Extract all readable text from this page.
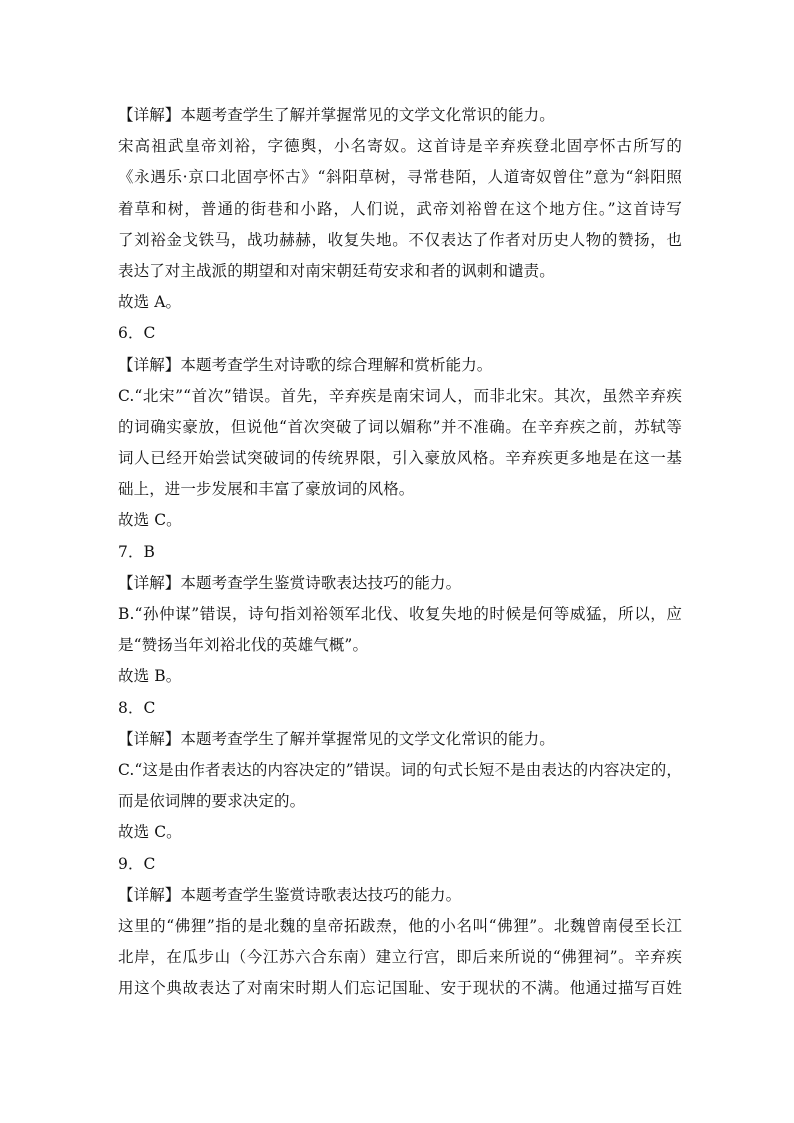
【详解】本题考查学生了解并掌握常见的文学文化常识的能力。
宋高祖武皇帝刘裕，字德舆，小名寄奴。这首诗是辛弃疾登北固亭怀古所写的
《永遇乐·京口北固亭怀古》“斜阳草树，寻常巷陌，人道寄奴曾住”意为“斜阳照
着草和树，普通的街巷和小路，人们说，武帝刘裕曾在这个地方住。”这首诗写
了刘裕金戈铁马，战功赫赫，收复失地。不仅表达了作者对历史人物的赞扬，也
表达了对主战派的期望和对南宋朝廷苟安求和者的讽刺和谴责。
故选 A。
6．C
【详解】本题考查学生对诗歌的综合理解和赏析能力。
C.“北宋”“首次”错误。首先，辛弃疾是南宋词人，而非北宋。其次，虽然辛弃疾
的词确实豪放，但说他“首次突破了词以媚称”并不准确。在辛弃疾之前，苏轼等
词人已经开始尝试突破词的传统界限，引入豪放风格。辛弃疾更多地是在这一基
础上，进一步发展和丰富了豪放词的风格。
故选 C。
7．B
【详解】本题考查学生鉴赏诗歌表达技巧的能力。
B.“孙仲谋”错误，诗句指刘裕领军北伐、收复失地的时候是何等威猛，所以，应
是“赞扬当年刘裕北伐的英雄气概”。
故选 B。
8．C
【详解】本题考查学生了解并掌握常见的文学文化常识的能力。
C.“这是由作者表达的内容决定的”错误。词的句式长短不是由表达的内容决定的，
而是依词牌的要求决定的。
故选 C。
9．C
【详解】本题考查学生鉴赏诗歌表达技巧的能力。
这里的“佛狸”指的是北魏的皇帝拓跋焘，他的小名叫“佛狸”。北魏曾南侵至长江
北岸，在瓜步山（今江苏六合东南）建立行宫，即后来所说的“佛狸祠”。辛弃疾
用这个典故表达了对南宋时期人们忘记国耻、安于现状的不满。他通过描写百姓
